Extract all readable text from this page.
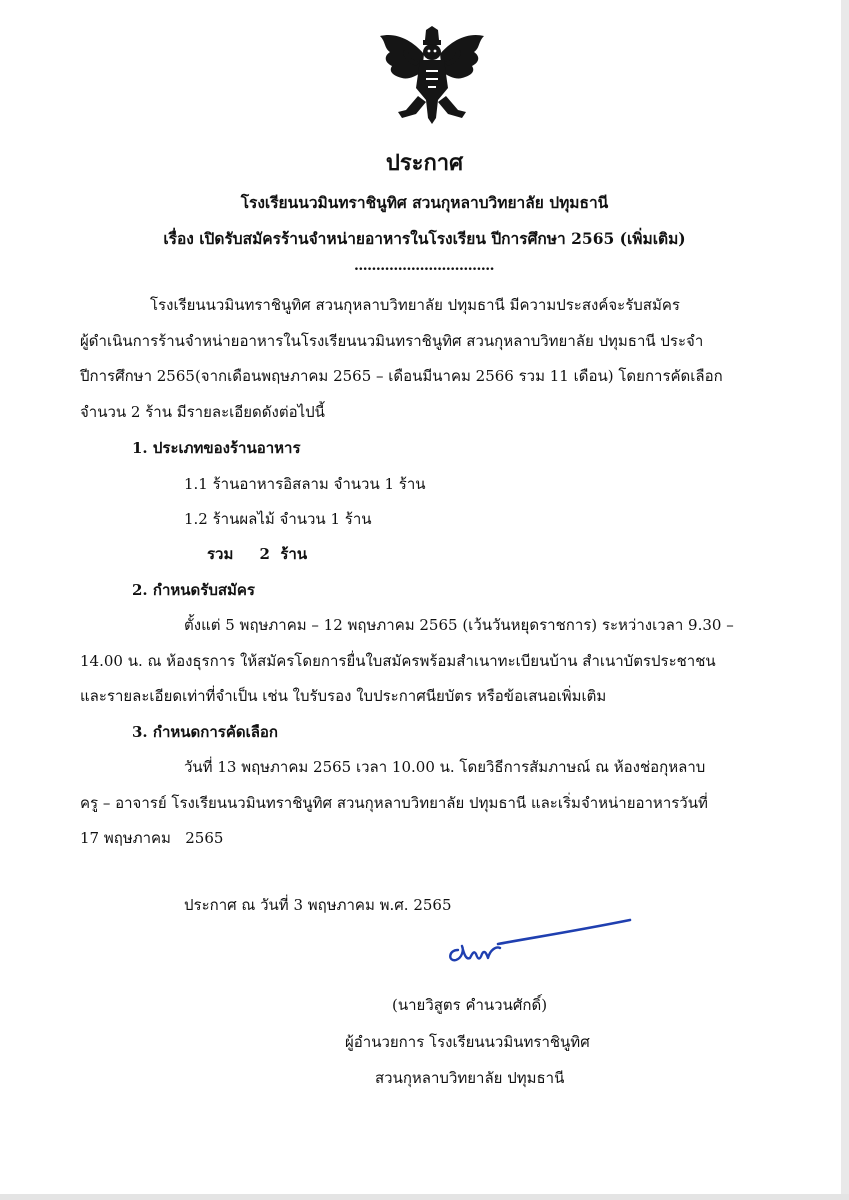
ประกาศ
โรงเรียนนวมินทราชินูทิศ สวนกุหลาบวิทยาลัย ปทุมธานี
เรื่อง เปิดรับสมัครร้านจำหน่ายอาหารในโรงเรียน ปีการศึกษา 2565 (เพิ่มเติม)
................................
โรงเรียนนวมินทราชินูทิศ สวนกุหลาบวิทยาลัย ปทุมธานี มีความประสงค์จะรับสมัคร
ผู้ดำเนินการร้านจำหน่ายอาหารในโรงเรียนนวมินทราชินูทิศ สวนกุหลาบวิทยาลัย ปทุมธานี ประจำ
ปีการศึกษา 2565(จากเดือนพฤษภาคม 2565 – เดือนมีนาคม 2566 รวม 11 เดือน) โดยการคัดเลือก
จำนวน 2 ร้าน มีรายละเอียดดังต่อไปนี้
1. ประเภทของร้านอาหาร
1.1 ร้านอาหารอิสลาม จำนวน 1 ร้าน
1.2 ร้านผลไม้ จำนวน 1 ร้าน
รวม     2  ร้าน
2. กำหนดรับสมัคร
ตั้งแต่ 5 พฤษภาคม – 12 พฤษภาคม 2565 (เว้นวันหยุดราชการ) ระหว่างเวลา 9.30 –
14.00 น. ณ ห้องธุรการ ให้สมัครโดยการยื่นใบสมัครพร้อมสำเนาทะเบียนบ้าน สำเนาบัตรประชาชน
และรายละเอียดเท่าที่จำเป็น เช่น ใบรับรอง ใบประกาศนียบัตร หรือข้อเสนอเพิ่มเติม
3. กำหนดการคัดเลือก
วันที่ 13 พฤษภาคม 2565 เวลา 10.00 น. โดยวิธีการสัมภาษณ์ ณ ห้องช่อกุหลาบ
ครู – อาจารย์ โรงเรียนนวมินทราชินูทิศ สวนกุหลาบวิทยาลัย ปทุมธานี และเริ่มจำหน่ายอาหารวันที่
17 พฤษภาคม   2565
ประกาศ ณ วันที่ 3 พฤษภาคม พ.ศ. 2565
(นายวิสูตร คำนวนศักดิ์)
ผู้อำนวยการ โรงเรียนนวมินทราชินูทิศ
สวนกุหลาบวิทยาลัย ปทุมธานี
